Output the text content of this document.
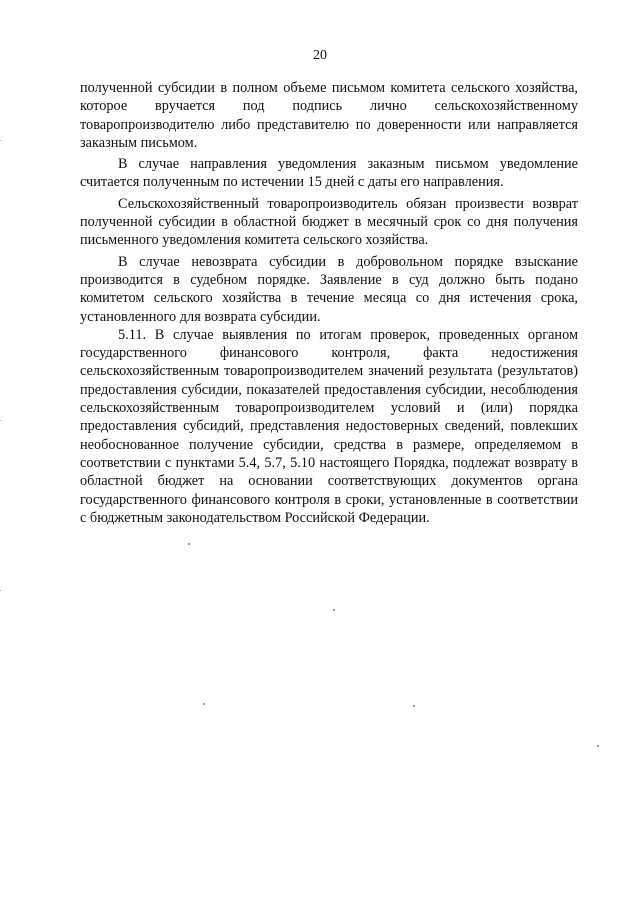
20

полученной субсидии в полном объеме письмом комитета сельского хозяйства, которое вручается под подпись лично сельскохозяйственному товаропроизводителю либо представителю по доверенности или направляется заказным письмом.

В случае направления уведомления заказным письмом уведомление считается полученным по истечении 15 дней с даты его направления.

Сельскохозяйственный товаропроизводитель обязан произвести возврат полученной субсидии в областной бюджет в месячный срок со дня получения письменного уведомления комитета сельского хозяйства.

В случае невозврата субсидии в добровольном порядке взыскание производится в судебном порядке. Заявление в суд должно быть подано комитетом сельского хозяйства в течение месяца со дня истечения срока, установленного для возврата субсидии.

5.11. В случае выявления по итогам проверок, проведенных органом государственного финансового контроля, факта недостижения сельскохозяйственным товаропроизводителем значений результата (результатов) предоставления субсидии, показателей предоставления субсидии, несоблюдения сельскохозяйственным товаропроизводителем условий и (или) порядка предоставления субсидий, представления недостоверных сведений, повлекших необоснованное получение субсидии, средства в размере, определяемом в соответствии с пунктами 5.4, 5.7, 5.10 настоящего Порядка, подлежат возврату в областной бюджет на основании соответствующих документов органа государственного финансового контроля в сроки, установленные в соответствии с бюджетным законодательством Российской Федерации.
